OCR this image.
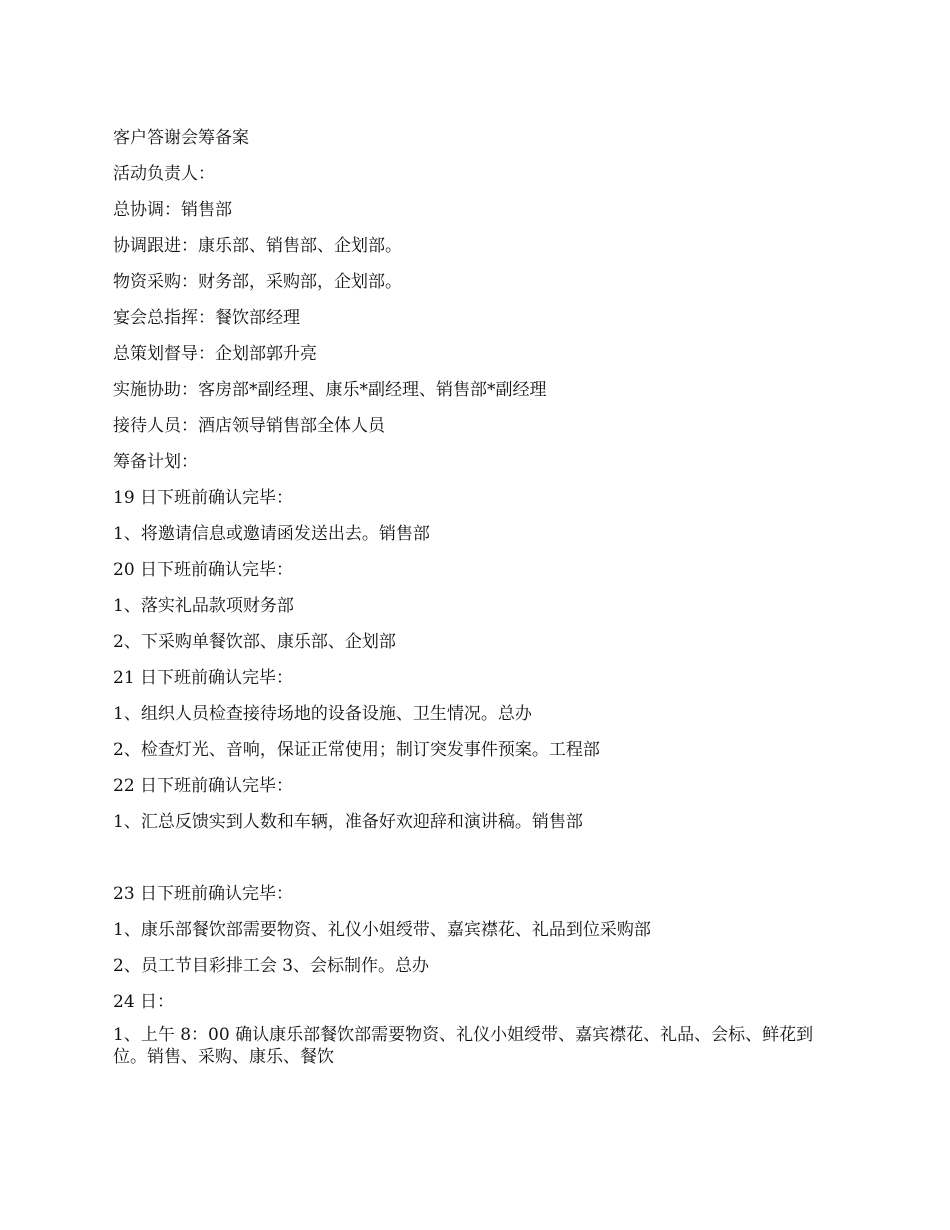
客户答谢会筹备案
活动负责人：
总协调：销售部
协调跟进：康乐部、销售部、企划部。
物资采购：财务部，采购部，企划部。
宴会总指挥：餐饮部经理
总策划督导：企划部郭升亮
实施协助：客房部*副经理、康乐*副经理、销售部*副经理
接待人员：酒店领导销售部全体人员
筹备计划：
19 日下班前确认完毕：
1、将邀请信息或邀请函发送出去。销售部
20 日下班前确认完毕：
1、落实礼品款项财务部
2、下采购单餐饮部、康乐部、企划部
21 日下班前确认完毕：
1、组织人员检查接待场地的设备设施、卫生情况。总办
2、检查灯光、音响，保证正常使用；制订突发事件预案。工程部
22 日下班前确认完毕：
1、汇总反馈实到人数和车辆，准备好欢迎辞和演讲稿。销售部
23 日下班前确认完毕：
1、康乐部餐饮部需要物资、礼仪小姐绶带、嘉宾襟花、礼品到位采购部
2、员工节目彩排工会 3、会标制作。总办
24 日：
1、上午 8：00 确认康乐部餐饮部需要物资、礼仪小姐绶带、嘉宾襟花、礼品、会标、鲜花到位。销售、采购、康乐、餐饮
